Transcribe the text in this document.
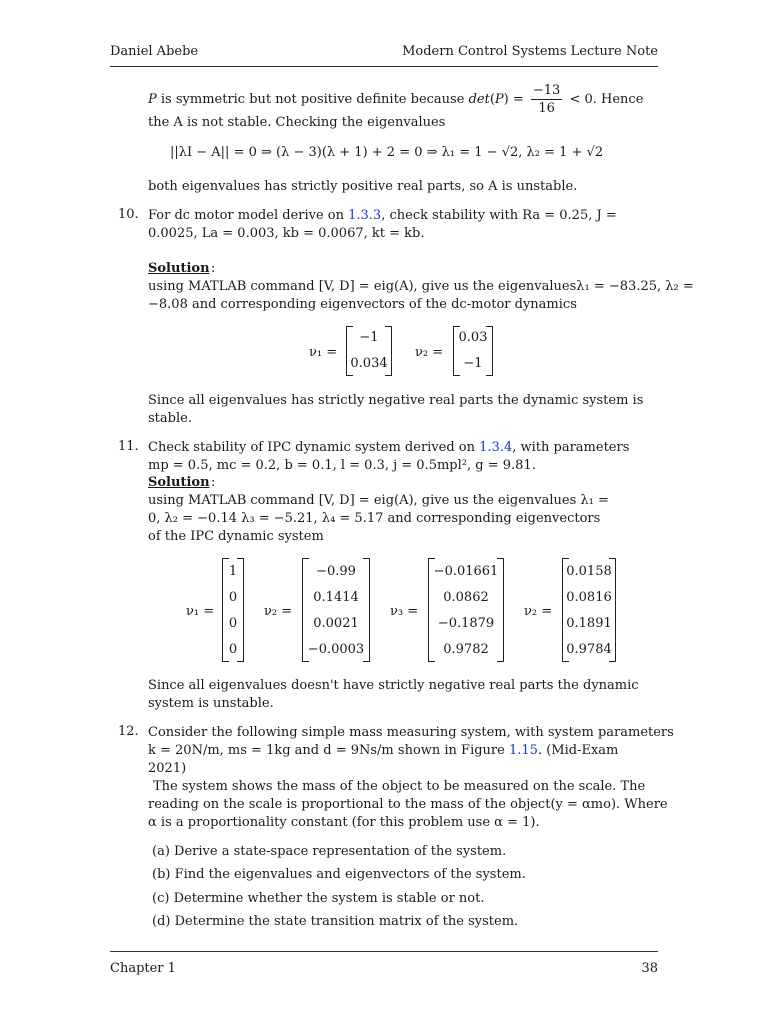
Daniel Abebe	Modern Control Systems Lecture Note
P is symmetric but not positive definite because $\det(P) = \frac{-13}{16} < 0$. Hence
the A is not stable. Checking the eigenvalues
||λI − A|| = 0 ⇒ (λ − 3)(λ + 1) + 2 = 0 ⇒ λ₁ = 1 − √2, λ₂ = 1 + √2
both eigenvalues has strictly positive real parts, so A is unstable.
10. For dc motor model derive on 1.3.3, check stability with Ra = 0.25, J =
0.0025, La = 0.003, kb = 0.0067, kt = kb.
Solution :
using MATLAB command [V, D] = eig(A), give us the eigenvaluesλ₁ = −83.25, λ₂ =
−8.08 and corresponding eigenvectors of the dc-motor dynamics
ν₁ =
−1
0.034
ν₂ =
0.03
−1
Since all eigenvalues has strictly negative real parts the dynamic system is
stable.
11. Check stability of IPC dynamic system derived on 1.3.4, with parameters
mp = 0.5, mc = 0.2, b = 0.1, l = 0.3, j = 0.5mpl², g = 9.81.
Solution :
using MATLAB command [V, D] = eig(A), give us the eigenvalues λ₁ =
0, λ₂ = −0.14 λ₃ = −5.21, λ₄ = 5.17 and corresponding eigenvectors
of the IPC dynamic system
ν₁ =
1
0
0
0
ν₂ =
−0.99
0.1414
0.0021
−0.0003
ν₃ =
−0.01661
0.0862
−0.1879
0.9782
ν₂ =
0.0158
0.0816
0.1891
0.9784
Since all eigenvalues doesn't have strictly negative real parts the dynamic
system is unstable.
12. Consider the following simple mass measuring system, with system parameters
k = 20N/m, ms = 1kg and d = 9Ns/m shown in Figure 1.15. (Mid-Exam
2021)
The system shows the mass of the object to be measured on the scale. The
reading on the scale is proportional to the mass of the object(y = αmo). Where
α is a proportionality constant (for this problem use α = 1).
(a) Derive a state-space representation of the system.
(b) Find the eigenvalues and eigenvectors of the system.
(c) Determine whether the system is stable or not.
(d) Determine the state transition matrix of the system.
Chapter 1	38
